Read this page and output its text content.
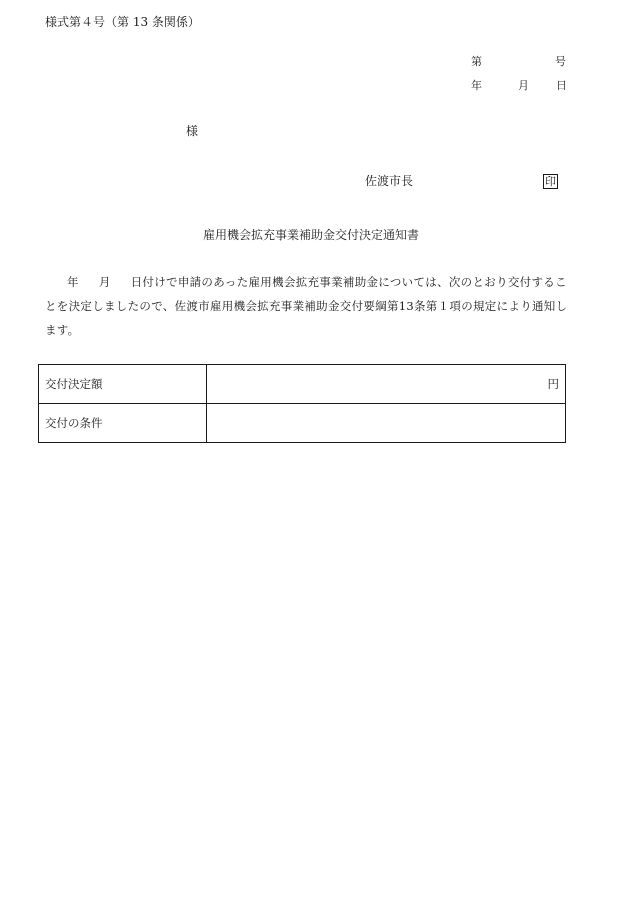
様式第４号（第 13 条関係）
第	号
年	月 日
様
佐渡市長	印
雇用機会拡充事業補助金交付決定通知書
年 月 日付けで申請のあった雇用機会拡充事業補助金については、次のとおり交付することを決定しましたので、佐渡市雇用機会拡充事業補助金交付要綱第13条第１項の規定により通知します。
交付決定額	円
交付の条件	
